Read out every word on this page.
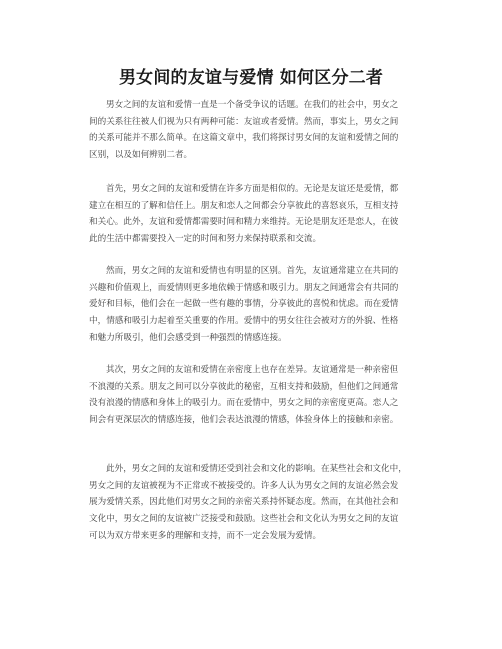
男女间的友谊与爱情 如何区分二者

男女之间的友谊和爱情一直是一个备受争议的话题。在我们的社会中，男女之
间的关系往往被人们视为只有两种可能：友谊或者爱情。然而，事实上，男女之间
的关系可能并不那么简单。在这篇文章中，我们将探讨男女间的友谊和爱情之间的
区别，以及如何辨别二者。

首先，男女之间的友谊和爱情在许多方面是相似的。无论是友谊还是爱情，都
建立在相互的了解和信任上。朋友和恋人之间都会分享彼此的喜怒哀乐，互相支持
和关心。此外，友谊和爱情都需要时间和精力来维持。无论是朋友还是恋人，在彼
此的生活中都需要投入一定的时间和努力来保持联系和交流。

然而，男女之间的友谊和爱情也有明显的区别。首先，友谊通常建立在共同的
兴趣和价值观上，而爱情则更多地依赖于情感和吸引力。朋友之间通常会有共同的
爱好和目标，他们会在一起做一些有趣的事情，分享彼此的喜悦和忧虑。而在爱情
中，情感和吸引力起着至关重要的作用。爱情中的男女往往会被对方的外貌、性格
和魅力所吸引，他们会感受到一种强烈的情感连接。

其次，男女之间的友谊和爱情在亲密度上也存在差异。友谊通常是一种亲密但
不浪漫的关系。朋友之间可以分享彼此的秘密，互相支持和鼓励，但他们之间通常
没有浪漫的情感和身体上的吸引力。而在爱情中，男女之间的亲密度更高。恋人之
间会有更深层次的情感连接，他们会表达浪漫的情感，体验身体上的接触和亲密。

此外，男女之间的友谊和爱情还受到社会和文化的影响。在某些社会和文化中，
男女之间的友谊被视为不正常或不被接受的。许多人认为男女之间的友谊必然会发
展为爱情关系，因此他们对男女之间的亲密关系持怀疑态度。然而，在其他社会和
文化中，男女之间的友谊被广泛接受和鼓励。这些社会和文化认为男女之间的友谊
可以为双方带来更多的理解和支持，而不一定会发展为爱情。
